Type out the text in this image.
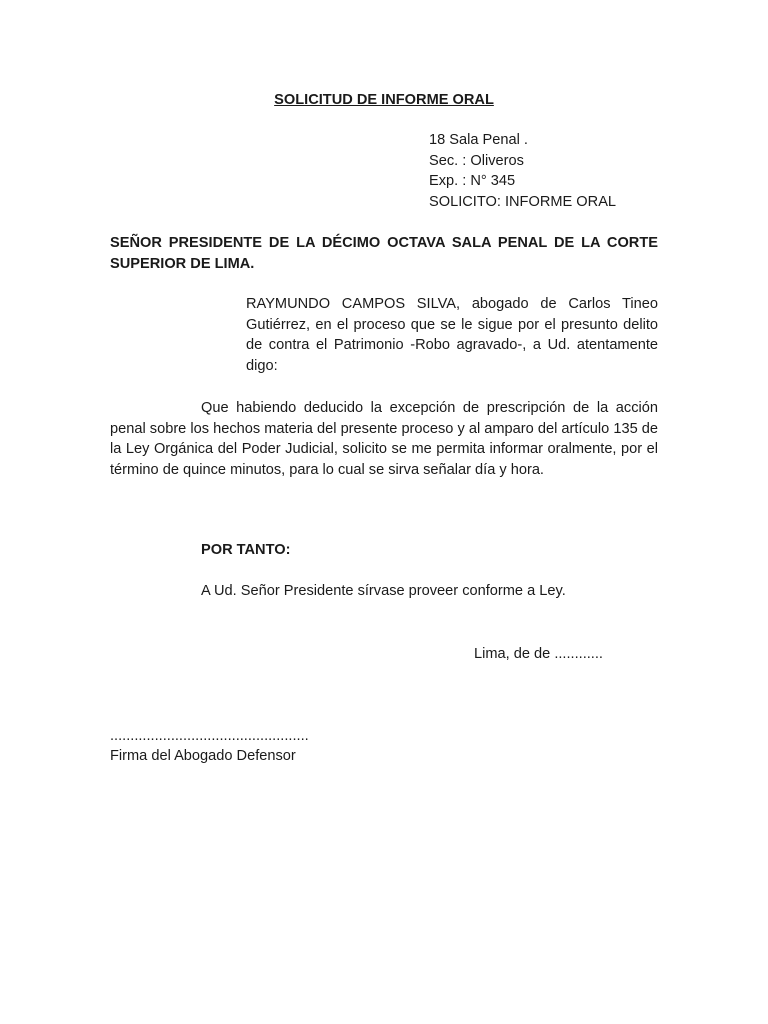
SOLICITUD DE INFORME ORAL

18 Sala Penal .
Sec. : Oliveros
Exp. : N° 345
SOLICITO: INFORME ORAL

SEÑOR PRESIDENTE DE LA DÉCIMO OCTAVA SALA PENAL DE LA CORTE SUPERIOR DE LIMA.

RAYMUNDO CAMPOS SILVA, abogado de Carlos Tineo Gutiérrez, en el proceso que se le sigue por el presunto delito de contra el Patrimonio -Robo agravado-, a Ud. atentamente digo:

Que habiendo deducido la excepción de prescripción de la acción penal sobre los hechos materia del presente proceso y al amparo del artículo 135 de la Ley Orgánica del Poder Judicial, solicito se me permita informar oralmente, por el término de quince minutos, para lo cual se sirva señalar día y hora.

POR TANTO:

A Ud. Señor Presidente sírvase proveer conforme a Ley.

Lima, de de ............

.................................................

Firma del Abogado Defensor
